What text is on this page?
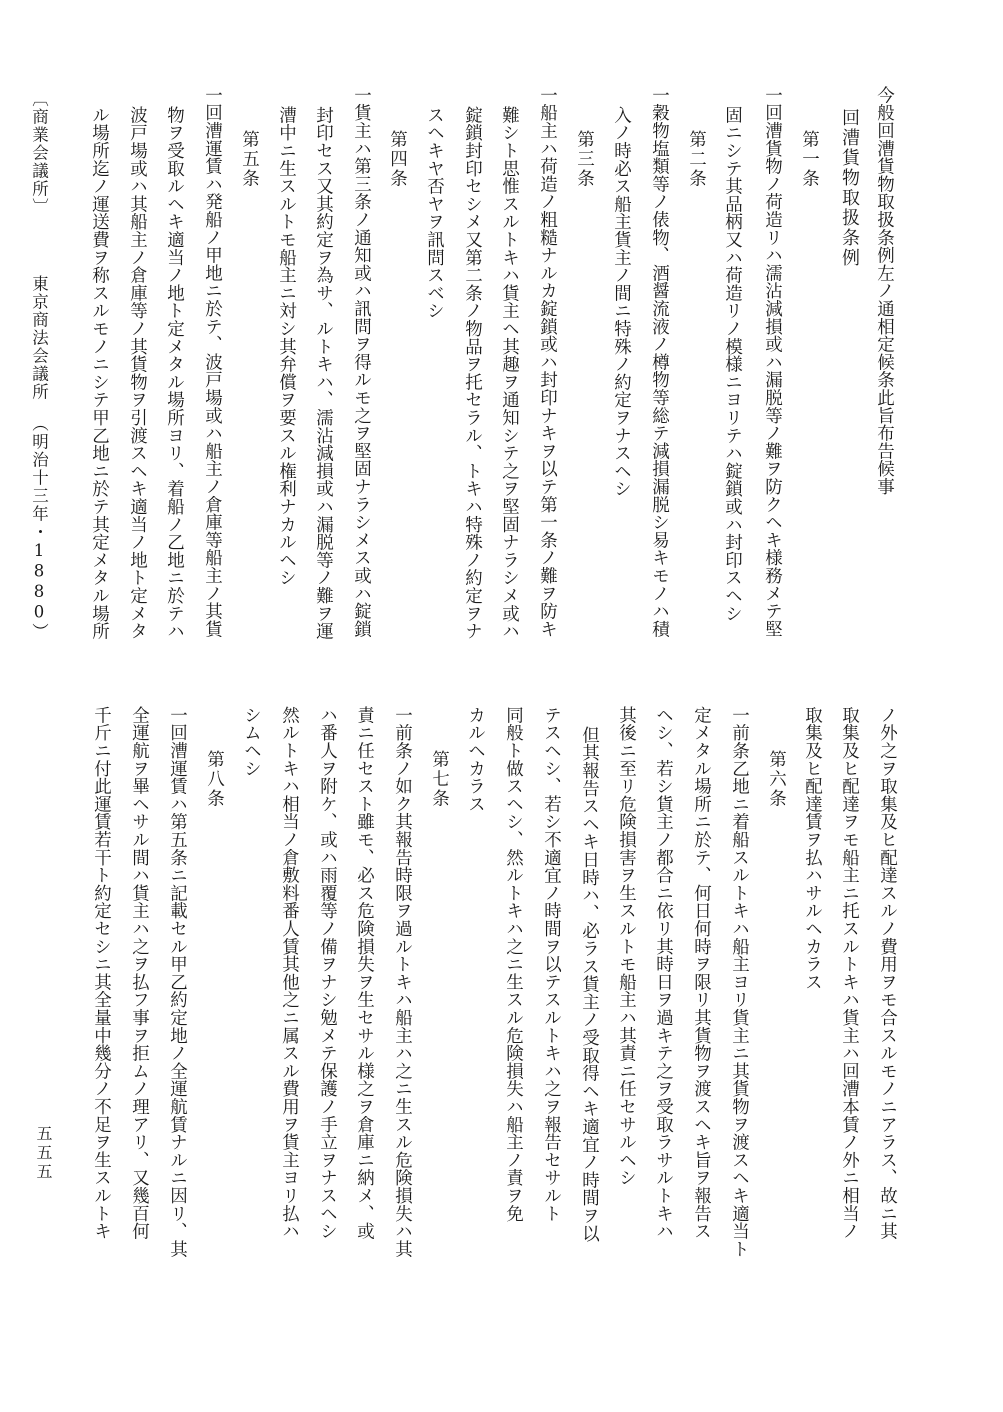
今般回漕貨物取扱条例左ノ通相定候条此旨布告候事

回漕貨物取扱条例

第一条

一回漕貨物ノ荷造リハ濡沾減損或ハ漏脱等ノ難ヲ防クヘキ様務メテ堅

固ニシテ其品柄又ハ荷造リノ模様ニヨリテハ錠鎖或ハ封印スヘシ

第二条

一穀物塩類等ノ俵物、酒醤流液ノ樽物等総テ減損漏脱シ易キモノハ積

入ノ時必ス船主貨主ノ間ニ特殊ノ約定ヲナスヘシ

第三条

一船主ハ荷造ノ粗糙ナルカ錠鎖或ハ封印ナキヲ以テ第一条ノ難ヲ防キ

難シト思惟スルトキハ貨主ヘ其趣ヲ通知シテ之ヲ堅固ナラシメ或ハ

錠鎖封印セシメ又第二条ノ物品ヲ托セラル、トキハ特殊ノ約定ヲナ

スヘキヤ否ヤヲ訊問スベシ

第四条

一貨主ハ第三条ノ通知或ハ訊問ヲ得ルモ之ヲ堅固ナラシメス或ハ錠鎖

封印セス又其約定ヲ為サ、ルトキハ、濡沾減損或ハ漏脱等ノ難ヲ運

漕中ニ生スルトモ船主ニ対シ其弁償ヲ要スル権利ナカルヘシ

第五条

一回漕運賃ハ発船ノ甲地ニ於テ、波戸場或ハ船主ノ倉庫等船主ノ其貨

物ヲ受取ルヘキ適当ノ地ト定メタル場所ヨリ、着船ノ乙地ニ於テハ

波戸場或ハ其船主ノ倉庫等ノ其貨物ヲ引渡スヘキ適当ノ地ト定メタ

ル場所迄ノ運送費ヲ称スルモノニシテ甲乙地ニ於テ其定メタル場所

〔商業会議所〕

東京商法会議所

（明治十三年・1880）

ノ外之ヲ取集及ヒ配達スルノ費用ヲモ合スルモノニアラス、故ニ其

取集及ヒ配達ヲモ船主ニ托スルトキハ貨主ハ回漕本賃ノ外ニ相当ノ

取集及ヒ配達賃ヲ払ハサルヘカラス

第六条

一前条乙地ニ着船スルトキハ船主ヨリ貨主ニ其貨物ヲ渡スヘキ適当ト

定メタル場所ニ於テ、何日何時ヲ限リ其貨物ヲ渡スヘキ旨ヲ報告ス

ヘシ、若シ貨主ノ都合ニ依リ其時日ヲ過キテ之ヲ受取ラサルトキハ

其後ニ至リ危険損害ヲ生スルトモ船主ハ其責ニ任セサルヘシ

但其報告スヘキ日時ハ、必ラス貨主ノ受取得ヘキ適宜ノ時間ヲ以

テスヘシ、若シ不適宜ノ時間ヲ以テスルトキハ之ヲ報告セサルト

同般ト做スヘシ、然ルトキハ之ニ生スル危険損失ハ船主ノ責ヲ免

カルヘカラス

第七条

一前条ノ如ク其報告時限ヲ過ルトキハ船主ハ之ニ生スル危険損失ハ其

責ニ任セスト雖モ、必ス危険損失ヲ生セサル様之ヲ倉庫ニ納メ、或

ハ番人ヲ附ケ、或ハ雨覆等ノ備ヲナシ勉メテ保護ノ手立ヲナスヘシ

然ルトキハ相当ノ倉敷料番人賃其他之ニ属スル費用ヲ貨主ヨリ払ハ

シムヘシ

第八条

一回漕運賃ハ第五条ニ記載セル甲乙約定地ノ全運航賃ナルニ因リ、其

全運航ヲ畢ヘサル間ハ貨主ハ之ヲ払フ事ヲ拒ムノ理アリ、又幾百何

千斤ニ付此運賃若干ト約定セシニ其全量中幾分ノ不足ヲ生スルトキ

五五五
